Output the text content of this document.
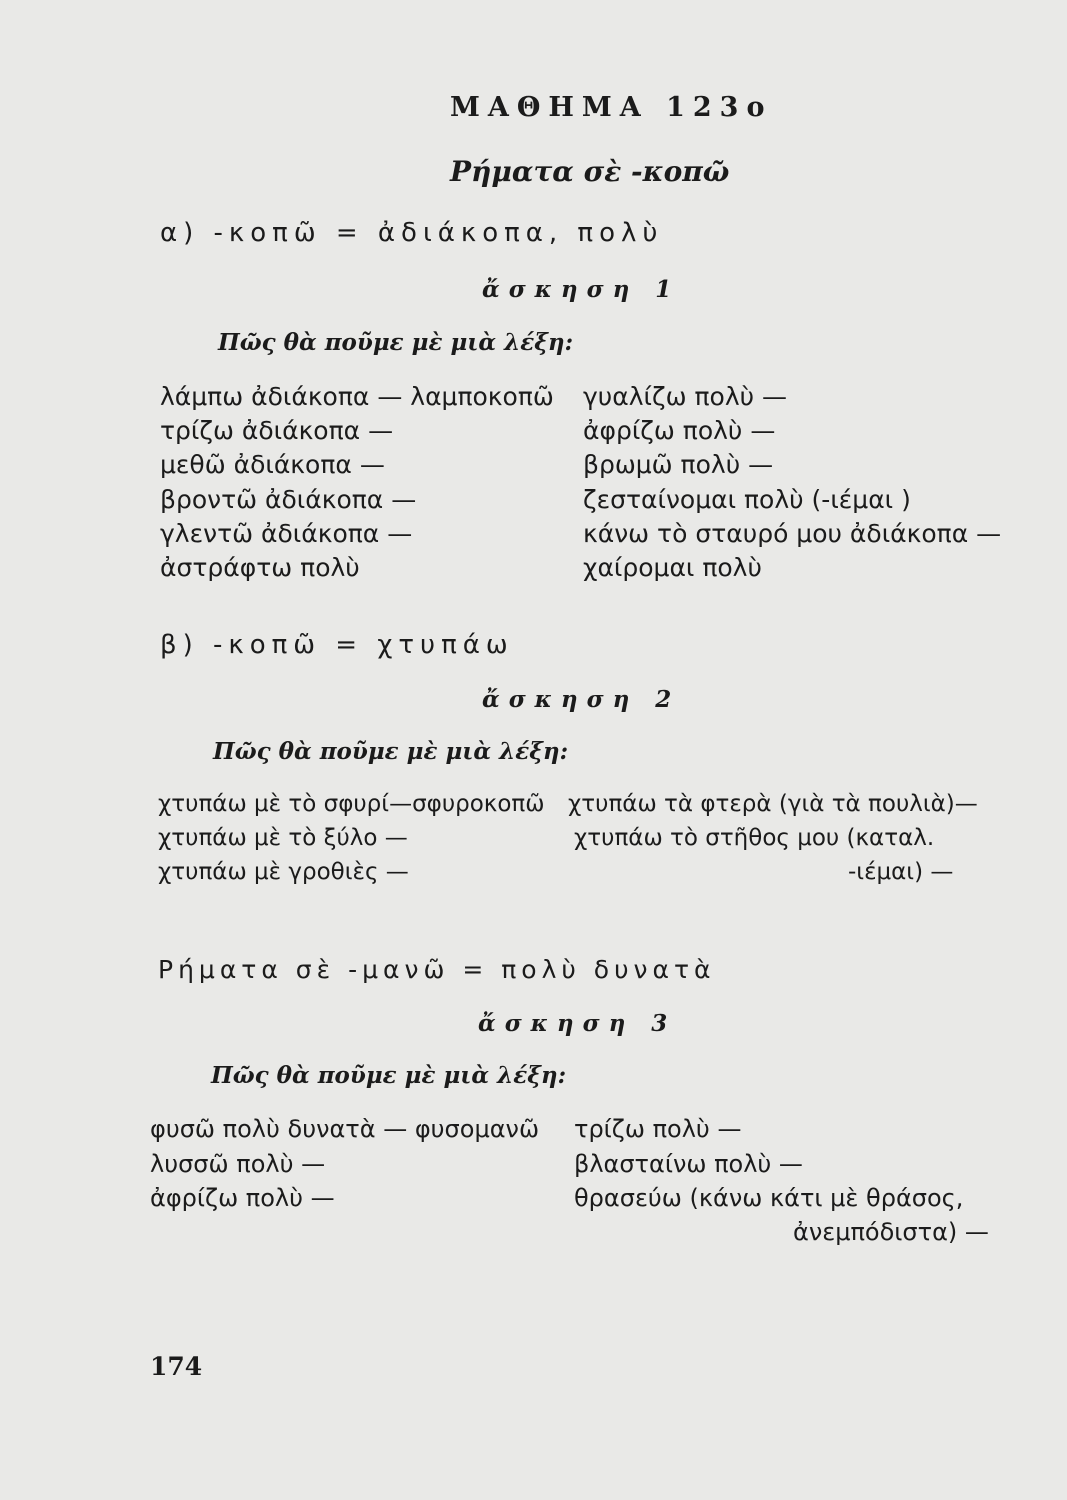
ΜΑΘΗΜΑ 123ο
Ρήματα σὲ -κοπῶ
α) -κοπῶ = ἀδιάκοπα, πολὺ
ἄσκηση 1
Πῶς θὰ ποῦμε μὲ μιὰ λέξη:
λάμπω ἀδιάκοπα — λαμποκοπῶ
τρίζω ἀδιάκοπα —
μεθῶ ἀδιάκοπα —
βροντῶ ἀδιάκοπα —
γλεντῶ ἀδιάκοπα —
ἀστράφτω πολὺ
γυαλίζω πολὺ —
ἀφρίζω πολὺ —
βρωμῶ πολὺ —
ζεσταίνομαι πολὺ (-ιέμαι )
κάνω τὸ σταυρό μου ἀδιάκοπα —
χαίρομαι πολὺ
β) -κοπῶ = χτυπάω
ἄσκηση 2
Πῶς θὰ ποῦμε μὲ μιὰ λέξη:
χτυπάω μὲ τὸ σφυρί—σφυροκοπῶ
χτυπάω μὲ τὸ ξύλο —
χτυπάω μὲ γροθιὲς —
χτυπάω τὰ φτερὰ (γιὰ τὰ πουλιὰ)—
χτυπάω τὸ στῆθος μου (καταλ.
-ιέμαι) —
Ρήματα σὲ -μανῶ = πολὺ δυνατὰ
ἄσκηση 3
Πῶς θὰ ποῦμε μὲ μιὰ λέξη:
φυσῶ πολὺ δυνατὰ — φυσομανῶ
λυσσῶ πολὺ —
ἀφρίζω πολὺ —
τρίζω πολὺ —
βλασταίνω πολὺ —
θρασεύω (κάνω κάτι μὲ θράσος,
ἀνεμπόδιστα) —
174
